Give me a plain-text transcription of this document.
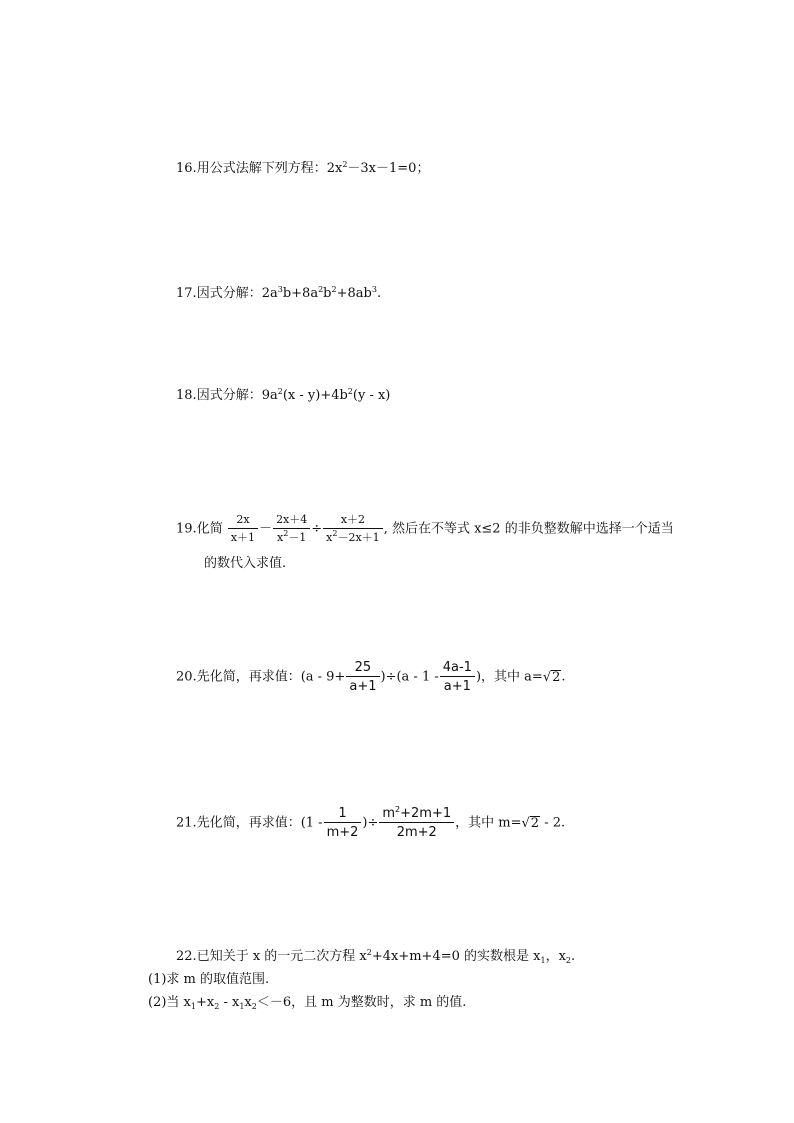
16.用公式法解下列方程：$2x^2-3x-1=0$；
17.因式分解：$2a^3b+8a^2b^2+8ab^3$.
18.因式分解：$9a^2(x - y)+4b^2(y - x)$
19.化简 $\frac{2x}{x+1} - \frac{2x+4}{x^2-1} \div \frac{x+2}{x^2-2x+1}$ , 然后在不等式 x≤2 的非负整数解中选择一个适当
的数代入求值.
20.先化简，再求值：$(a - 9+ \frac{25}{a+1} )\div(a - 1 - \frac{4a-1}{a+1}$ )，其中 a=√2.
21.先化简，再求值：($1 - \frac{1}{m+2}$ )÷ $\frac{m^2+2m+1}{2m+2}$ ，其中 m=√2 - 2.
22.已知关于 x 的一元二次方程 $x^2+4x+m+4=0$ 的实数根是 $x_1$，$x_2$.
(1)求 m 的取值范围.
(2)当 $x_1+x_2 - x_1x_2<-6$，且 m 为整数时，求 m 的值.
